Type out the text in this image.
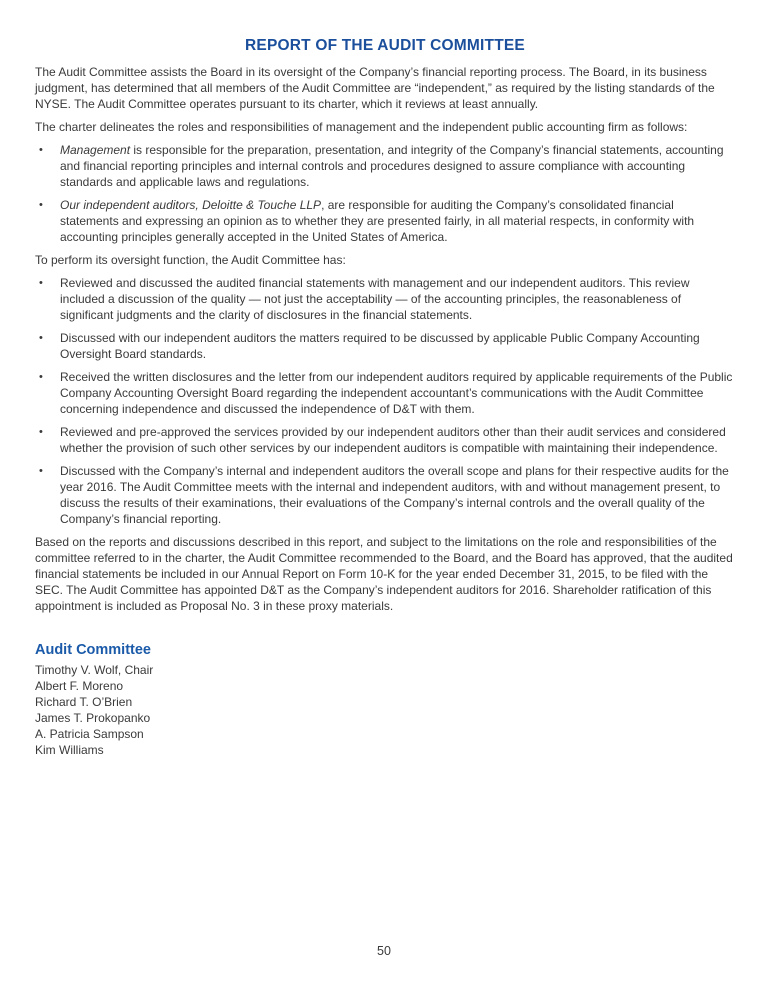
REPORT OF THE AUDIT COMMITTEE

The Audit Committee assists the Board in its oversight of the Company’s financial reporting process. The Board, in its business judgment, has determined that all members of the Audit Committee are “independent,” as required by the listing standards of the NYSE. The Audit Committee operates pursuant to its charter, which it reviews at least annually.

The charter delineates the roles and responsibilities of management and the independent public accounting firm as follows:

• Management is responsible for the preparation, presentation, and integrity of the Company’s financial statements, accounting and financial reporting principles and internal controls and procedures designed to assure compliance with accounting standards and applicable laws and regulations.
• Our independent auditors, Deloitte & Touche LLP, are responsible for auditing the Company’s consolidated financial statements and expressing an opinion as to whether they are presented fairly, in all material respects, in conformity with accounting principles generally accepted in the United States of America.

To perform its oversight function, the Audit Committee has:

• Reviewed and discussed the audited financial statements with management and our independent auditors. This review included a discussion of the quality — not just the acceptability — of the accounting principles, the reasonableness of significant judgments and the clarity of disclosures in the financial statements.
• Discussed with our independent auditors the matters required to be discussed by applicable Public Company Accounting Oversight Board standards.
• Received the written disclosures and the letter from our independent auditors required by applicable requirements of the Public Company Accounting Oversight Board regarding the independent accountant’s communications with the Audit Committee concerning independence and discussed the independence of D&T with them.
• Reviewed and pre-approved the services provided by our independent auditors other than their audit services and considered whether the provision of such other services by our independent auditors is compatible with maintaining their independence.
• Discussed with the Company’s internal and independent auditors the overall scope and plans for their respective audits for the year 2016. The Audit Committee meets with the internal and independent auditors, with and without management present, to discuss the results of their examinations, their evaluations of the Company’s internal controls and the overall quality of the Company’s financial reporting.

Based on the reports and discussions described in this report, and subject to the limitations on the role and responsibilities of the committee referred to in the charter, the Audit Committee recommended to the Board, and the Board has approved, that the audited financial statements be included in our Annual Report on Form 10-K for the year ended December 31, 2015, to be filed with the SEC. The Audit Committee has appointed D&T as the Company’s independent auditors for 2016. Shareholder ratification of this appointment is included as Proposal No. 3 in these proxy materials.

Audit Committee
Timothy V. Wolf, Chair
Albert F. Moreno
Richard T. O’Brien
James T. Prokopanko
A. Patricia Sampson
Kim Williams
50
